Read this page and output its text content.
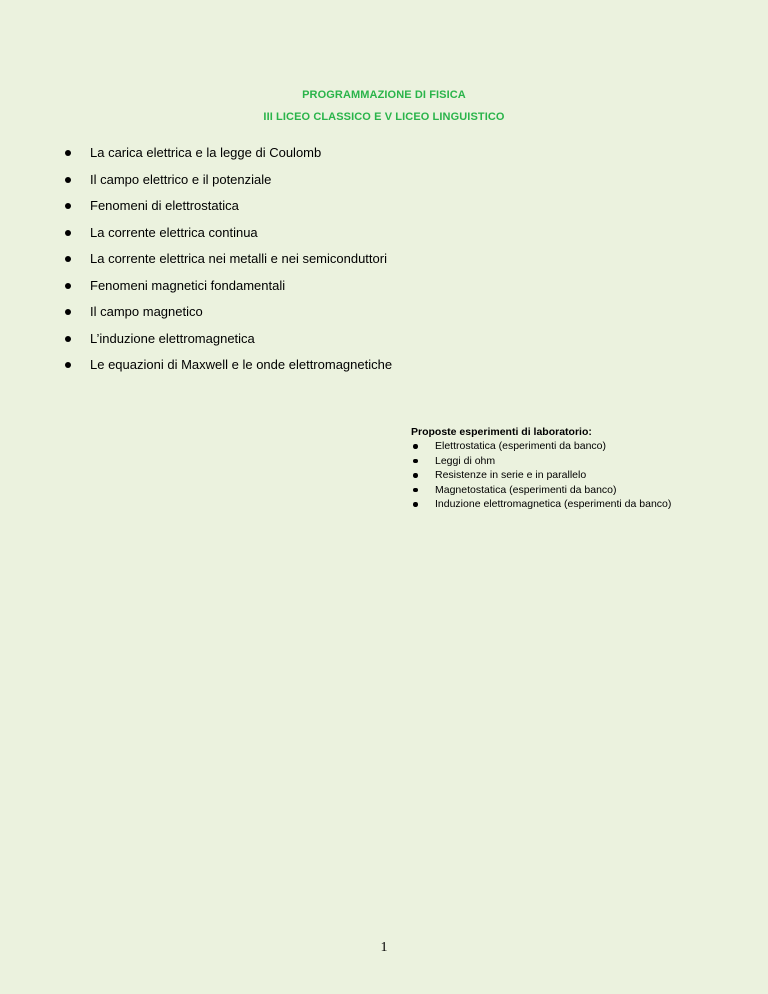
PROGRAMMAZIONE DI FISICA
III LICEO CLASSICO E V LICEO LINGUISTICO
La carica elettrica e la legge di Coulomb
Il campo elettrico e il potenziale
Fenomeni di elettrostatica
La corrente elettrica continua
La corrente elettrica nei metalli e nei semiconduttori
Fenomeni magnetici fondamentali
Il campo magnetico
L’induzione elettromagnetica
Le equazioni di Maxwell e le onde elettromagnetiche
Proposte esperimenti di laboratorio:
Elettrostatica (esperimenti da banco)
Leggi di ohm
Resistenze in serie e in parallelo
Magnetostatica (esperimenti da banco)
Induzione elettromagnetica (esperimenti da banco)
1
